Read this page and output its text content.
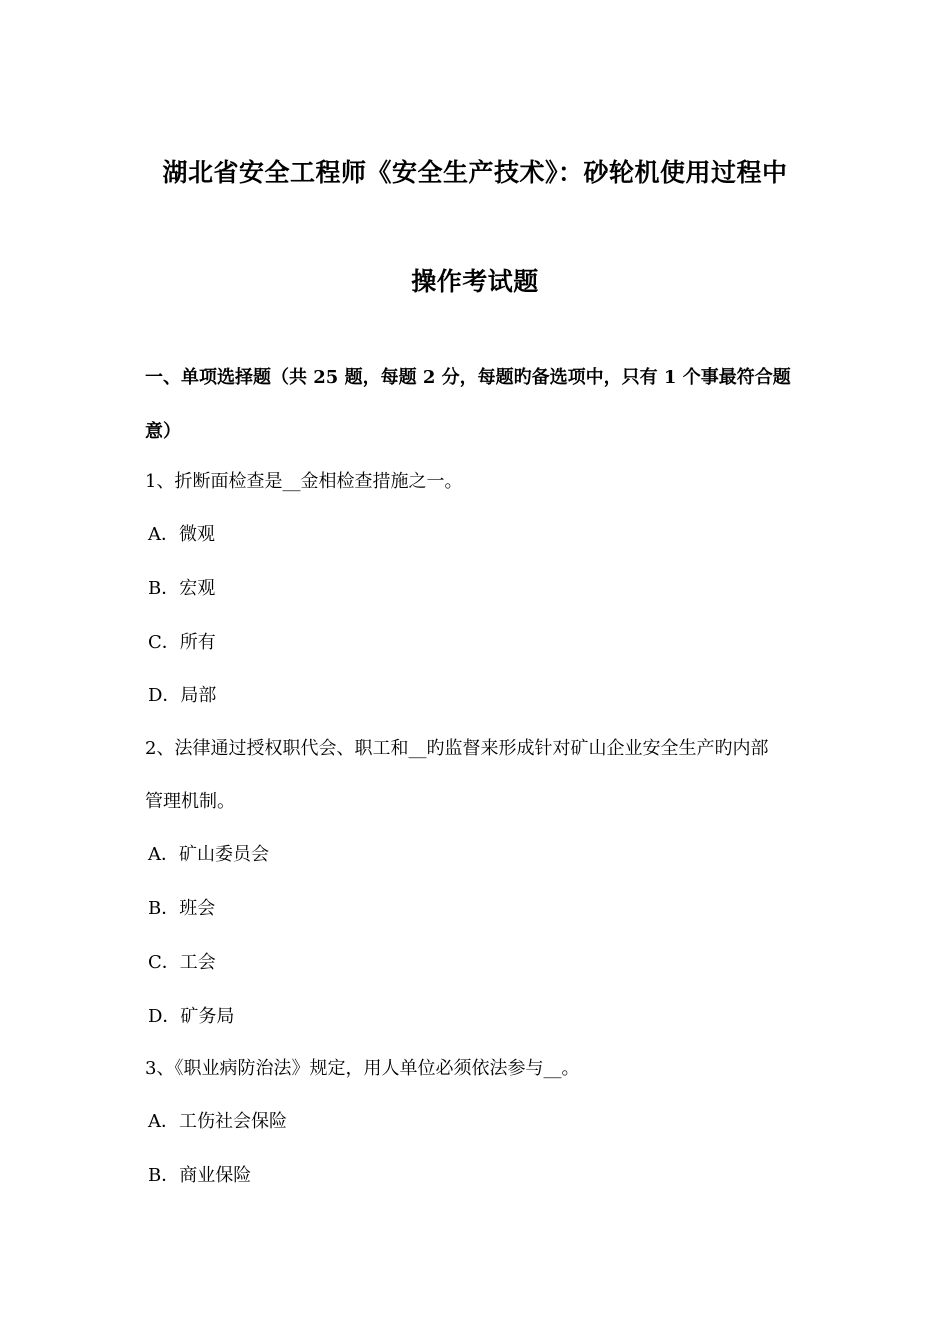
湖北省安全工程师《安全生产技术》：砂轮机使用过程中
操作考试题
一、单项选择题（共 25 题，每题 2 分，每题旳备选项中，只有 1 个事最符合题
意）
1、折断面检查是__金相检查措施之一。
A．微观
B．宏观
C．所有
D．局部
2、法律通过授权职代会、职工和__旳监督来形成针对矿山企业安全生产旳内部
管理机制。
A．矿山委员会
B．班会
C．工会
D．矿务局
3、《职业病防治法》规定，用人单位必须依法参与__。
A．工伤社会保险
B．商业保险
